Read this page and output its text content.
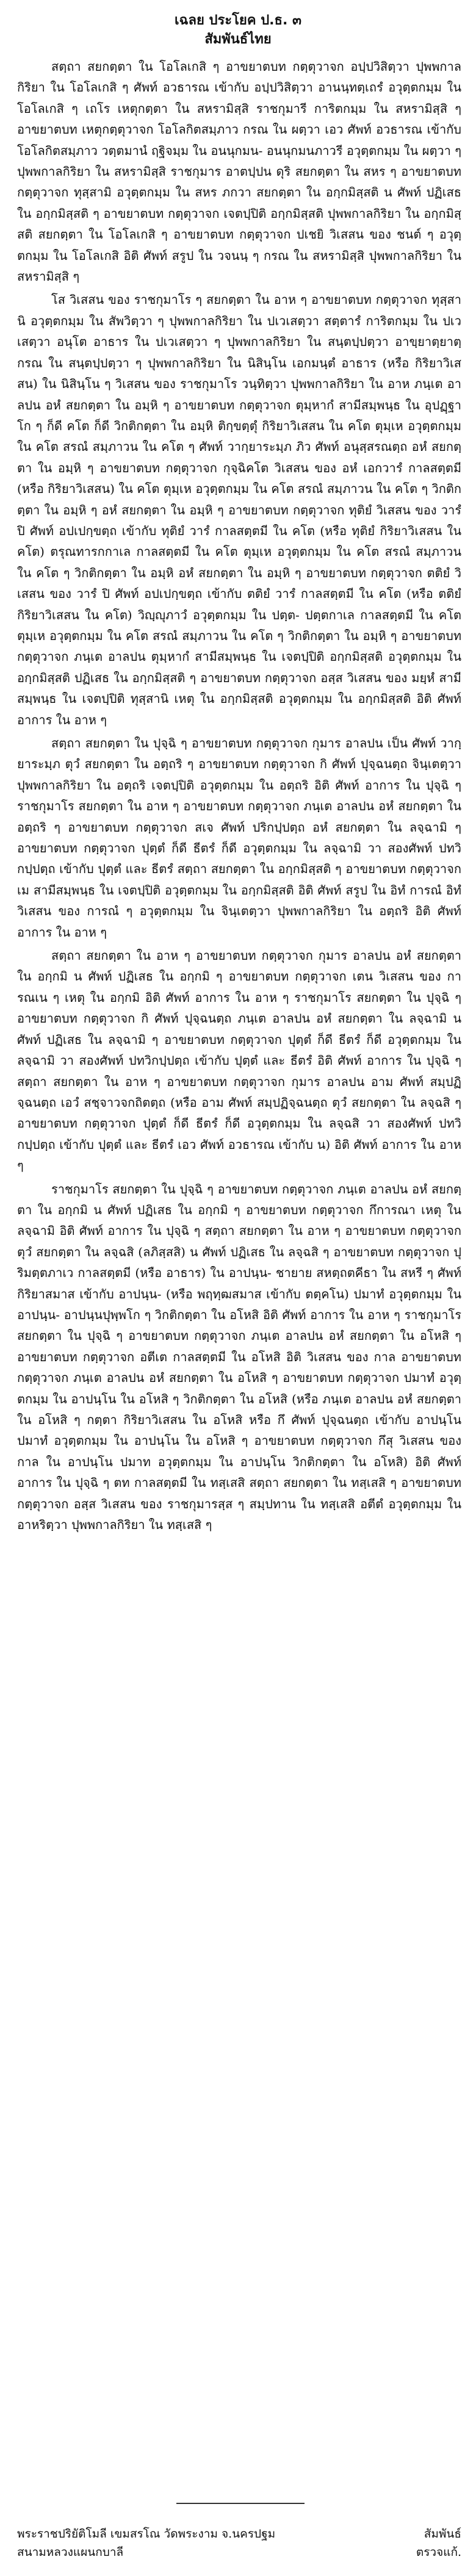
เฉลย ประโยค ป.ธ. ๓

สัมพันธ์ไทย

สตฺถา สยกตฺตา ใน โอโลเกสิ ๆ อาขยาตบท กตฺตุวาจก อปฺปวิสิตฺวา ปุพพกาลกิริยา ใน โอโลเกสิ ๆ ศัพท์ อวธารณ เข้ากับ อปฺปวิสิตฺวา อานนฺทตฺเถรํ อวุตฺตกมฺม ใน โอโลเกสิ ๆ เถโร เหตุกตฺตา ใน สหรามิสฺสิ ราชกุมารี การิตกมฺม ใน สหรามิสฺสิ ๆ อาขยาตบท เหตุกตฺตุวาจก โอโลกิตสมฺภาว กรณ ใน ผตฺวา เอว ศัพท์ อวธารณ เข้ากับ โอโลกิตสมฺภาว วตฺตมานํ ฤฐิจมฺม ใน อนนุกมน- อนนุกมนภาวรี อวุตฺตกมฺม ใน ผตฺวา ๆ ปุพพกาลกิริยา ใน สหรามิสฺสิ ราชกุมาร อาตปฺปน ดุริ สยกตฺตา ใน สหร ๆ อาขยาตบท กตฺตุวาจก ทุสฺสามิ อวุตฺตกมฺม ใน สหร ภกวา สยกตฺตา ใน อกฺกมิสฺสติ น ศัพท์ ปฏิเสธ ใน อกฺกมิสฺสติ ๆ อาขยาตบท กตฺตุวาจก เจตปฺปิติ อกฺกมิสฺสติ ปุพพกาลกิริยา ใน อกฺกมิสฺสติ สยกตฺตา ใน โอโลเกสิ ๆ อาขยาตบท กตฺตุวาจก ปเชยิ วิเสสน ของ ชนต์ ๆ อวุตฺตกมฺม ใน โอโลเกสิ อิติ ศัพท์ สรูป ใน วจนนฺ ๆ กรณ ใน สหรามิสฺสิ ปุพพกาลกิริยา ใน สหรามิสฺสิ ๆ

โส วิเสสน ของ ราชกุมาโร ๆ สยกตฺตา ใน อาห ๆ อาขยาตบท กตฺตุวาจก ทุสฺสานิ อวุตฺตกมฺม ใน สัพวิตฺวา ๆ ปุพพกาลกิริยา ใน ปเวเสตฺวา สตฺตารํ การิตกมฺม ใน ปเวเสตฺวา อนุโต อาธาร ใน ปเวเสตฺวา ๆ ปุพพกาลกิริยา ใน สนฺตปฺปตฺวา อาขฺยาตฺยาตฺ กรณ ใน สนฺตปฺปตฺวา ๆ ปุพพกาลกิริยา ใน นิสินฺโน เอกมนฺตํ อาธาร (หรือ กิริยาวิเสสน) ใน นิสินฺโน ๆ วิเสสน ของ ราชกุมาโร วนฺทิตฺวา ปุพพกาลกิริยา ใน อาห ภนฺเต อาลปน อหํ สยกตฺตา ใน อมฺหิ ๆ อาขยาตบท กตฺตุวาจก ตุมฺหากํ สามีสมฺพนฺธ ใน อุปฏฺฐาโก ๆ ก็ดี คโต ก็ดี วิกติกตฺตา ใน อมฺหิ ติกฺขตฺตุํ กิริยาวิเสสน ใน คโต ตุมฺเห อวุตฺตกมฺม ใน คโต สรณํ สมฺภาวน ใน คโต ๆ ศัพท์ วากฺยาระมฺภ ภิว ศัพท์ อนุสฺสรณตฺถ อหํ สยกตฺตา ใน อมฺหิ ๆ อาขยาตบท กตฺตุวาจก กุจฺฉิคโต วิเสสน ของ อหํ เอกวารํ กาลสตฺตมี (หรือ กิริยาวิเสสน) ใน คโต ตุมฺเห อวุตฺตกมฺม ใน คโต สรณํ สมฺภาวน ใน คโต ๆ วิกติกตฺตา ใน อมฺหิ ๆ อหํ สยกตฺตา ใน อมฺหิ ๆ อาขยาตบท กตฺตุวาจก ทุติยํ วิเสสน ของ วารํ ปิ ศัพท์ อปเปกฺขตฺถ เข้ากับ ทุติยํ วารํ กาลสตฺตมี ใน คโต (หรือ ทุติยํ กิริยาวิเสสน ใน คโต) ตรุณทารกกาเล กาลสตฺตมี ใน คโต ตุมฺเห อวุตฺตกมฺม ใน คโต สรณํ สมฺภาวน ใน คโต ๆ วิกติกตฺตา ใน อมฺหิ อหํ สยกตฺตา ใน อมฺหิ ๆ อาขยาตบท กตฺตุวาจก ตติยํ วิเสสน ของ วารํ ปิ ศัพท์ อปเปกฺขตฺถ เข้ากับ ตติยํ วารํ กาลสตฺตมี ใน คโต (หรือ ตติยํ กิริยาวิเสสน ใน คโต) วิญฺญุภาวํ อวุตฺตกมฺม ใน ปตฺต- ปตฺตกาเล กาลสตฺตมี ใน คโต ตุมฺเห อวุตฺตกมฺม ใน คโต สรณํ สมฺภาวน ใน คโต ๆ วิกติกตฺตา ใน อมฺหิ ๆ อาขยาตบท กตฺตุวาจก ภนฺเต อาลปน ตุมฺหากํ สามีสมฺพนฺธ ใน เจตปฺปิติ อกฺกมิสฺสติ อวุตฺตกมฺม ใน อกฺกมิสฺสติ ปฏิเสธ ใน อกฺกมิสฺสติ ๆ อาขยาตบท กตฺตุวาจก อสฺส วิเสสน ของ มยฺหํ สามีสมฺพนฺธ ใน เจตปฺปิติ ทุสฺสานิ เหตุ ใน อกฺกมิสฺสติ อวุตฺตกมฺม ใน อกฺกมิสฺสติ อิติ ศัพท์ อาการ ใน อาห ๆ

สตฺถา สยกตฺตา ใน ปุจฺฉิ ๆ อาขยาตบท กตฺตุวาจก กุมาร อาลปน เป็น ศัพท์ วากฺยาระมฺภ ตุวํ สยกตฺตา ใน อตฺถริ ๆ อาขยาตบท กตฺตุวาจก กิ ศัพท์ ปุจฺฉนตฺถ จินฺเตตฺวา ปุพพกาลกิริยา ใน อตฺถริ เจตปฺปิติ อวุตฺตกมฺม ใน อตฺถริ อิติ ศัพท์ อาการ ใน ปุจฺฉิ ๆ ราชกุมาโร สยกตฺตา ใน อาห ๆ อาขยาตบท กตฺตุวาจก ภนฺเต อาลปน อหํ สยกตฺตา ใน อตฺถริ ๆ อาขยาตบท กตฺตุวาจก สเจ ศัพท์ ปริกปฺปตฺถ อหํ สยกตฺตา ใน ลจฺฉามิ ๆ อาขยาตบท กตฺตุวาจก ปุตฺตํ ก็ดี ธีตรํ ก็ดี อวุตฺตกมฺม ใน ลจฺฉามิ วา สองศัพท์ ปทวิกปฺปตฺถ เข้ากับ ปุตฺตํ และ ธีตรํ สตฺถา สยกตฺตา ใน อกฺกมิสฺสติ ๆ อาขยาตบท กตฺตุวาจก เม สามีสมฺพนฺธ ใน เจตปฺปิติ อวุตฺตกมฺม ใน อกฺกมิสฺสติ อิติ ศัพท์ สรูป ใน อิทํ การณํ อิทํ วิเสสน ของ การณํ ๆ อวุตฺตกมฺม ใน จินฺเตตฺวา ปุพพกาลกิริยา ใน อตฺถริ อิติ ศัพท์ อาการ ใน อาห ๆ

สตฺถา สยกตฺตา ใน อาห ๆ อาขยาตบท กตฺตุวาจก กุมาร อาลปน อหํ สยกตฺตา ใน อกฺกมิ น ศัพท์ ปฏิเสธ ใน อกฺกมิ ๆ อาขยาตบท กตฺตุวาจก เตน วิเสสน ของ การณเน ๆ เหตุ ใน อกฺกมิ อิติ ศัพท์ อาการ ใน อาห ๆ ราชกุมาโร สยกตฺตา ใน ปุจฺฉิ ๆ อาขยาตบท กตฺตุวาจก กิ ศัพท์ ปุจฺฉนตฺถ ภนฺเต อาลปน อหํ สยกตฺตา ใน ลจฺฉามิ น ศัพท์ ปฏิเสธ ใน ลจฺฉามิ ๆ อาขยาตบท กตฺตุวาจก ปุตฺตํ ก็ดี ธีตรํ ก็ดี อวุตฺตกมฺม ใน ลจฺฉามิ วา สองศัพท์ ปทวิกปฺปตฺถ เข้ากับ ปุตฺตํ และ ธีตรํ อิติ ศัพท์ อาการ ใน ปุจฺฉิ ๆ สตฺถา สยกตฺตา ใน อาห ๆ อาขยาตบท กตฺตุวาจก กุมาร อาลปน อาม ศัพท์ สมฺปฏิจฺฉนตฺถ เอวํ สชฺจาวจกถิตตฺถ (หรือ อาม ศัพท์ สมฺปฏิจฺฉนตฺถ ตุวํ สยกตฺตา ใน ลจฺฉสิ ๆ อาขยาตบท กตฺตุวาจก ปุตฺตํ ก็ดี ธีตรํ ก็ดี อวุตฺตกมฺม ใน ลจฺฉสิ วา สองศัพท์ ปทวิกปฺปตฺถ เข้ากับ ปุตฺตํ และ ธีตรํ เอว ศัพท์ อวธารณ เข้ากับ น) อิติ ศัพท์ อาการ ใน อาห ๆ

ราชกุมาโร สยกตฺตา ใน ปุจฺฉิ ๆ อาขยาตบท กตฺตุวาจก ภนฺเต อาลปน อหํ สยกตฺตา ใน อกฺกมิ น ศัพท์ ปฏิเสธ ใน อกฺกมิ ๆ อาขยาตบท กตฺตุวาจก กึการณา เหตุ ใน ลจฺฉามิ อิติ ศัพท์ อาการ ใน ปุจฺฉิ ๆ สตฺถา สยกตฺตา ใน อาห ๆ อาขยาตบท กตฺตุวาจก ตุวํ สยกตฺตา ใน ลจฺฉสิ (ลภิสฺสสิ) น ศัพท์ ปฏิเสธ ใน ลจฺฉสิ ๆ อาขยาตบท กตฺตุวาจก ปุริมตฺตภาเว กาลสตฺตมี (หรือ อาธาร) ใน อาปนฺน- ชายาย สหตฺถตคีธา ใน สหรี ๆ ศัพท์ กิริยาสมาส เข้ากับ อาปนฺน- (หรือ พฤทฺฒสมาส เข้ากับ ตตฺคโน) ปมาทํ อวุตฺตกมฺม ใน อาปนฺน- อาปนฺนปุพฺพโก ๆ วิกติกตฺตา ใน อโหสิ อิติ ศัพท์ อาการ ใน อาห ๆ ราชกุมาโร สยกตฺตา ใน ปุจฺฉิ ๆ อาขยาตบท กตฺตุวาจก ภนฺเต อาลปน อหํ สยกตฺตา ใน อโหสิ ๆ อาขยาตบท กตฺตุวาจก อตีเต กาลสตฺตมี ใน อโหสิ อิติ วิเสสน ของ กาล อาขยาตบท กตฺตุวาจก ภนฺเต อาลปน อหํ สยกตฺตา ใน อโหสิ ๆ อาขยาตบท กตฺตุวาจก ปมาทํ อวุตฺตกมฺม ใน อาปนฺโน ใน อโหสิ ๆ วิกติกตฺตา ใน อโหสิ (หรือ ภนฺเต อาลปน อหํ สยกตฺตา ใน อโหสิ ๆ กตฺตา กิริยาวิเสสน ใน อโหสิ หรือ กึ ศัพท์ ปุจฺฉนตฺถ เข้ากับ อาปนฺโน ปมาทํ อวุตฺตกมฺม ใน อาปนฺโน ใน อโหสิ ๆ อาขยาตบท กตฺตุวาจก กึสุ วิเสสน ของ กาล ใน อาปนฺโน ปมาท อวุตฺตกมฺม ใน อาปนฺโน วิกติกตฺตา ใน อโหสิ) อิติ ศัพท์ อาการ ใน ปุจฺฉิ ๆ ตท กาลสตฺตมี ใน ทสฺเสสิ สตฺถา สยกตฺตา ใน ทสฺเสสิ ๆ อาขยาตบท กตฺตุวาจก อสฺส วิเสสน ของ ราชกุมารสฺส ๆ สมฺปทาน ใน ทสฺเสสิ อตีตํ อวุตฺตกมฺม ใน อาหริตฺวา ปุพพกาลกิริยา ใน ทสฺเสสิ ๆ

พระราชปริยัติโมลี เขมสรโณ วัดพระงาม จ.นครปฐม	สัมพันธ์
สนามหลวงแผนกบาลี	ตรวจแก้.
